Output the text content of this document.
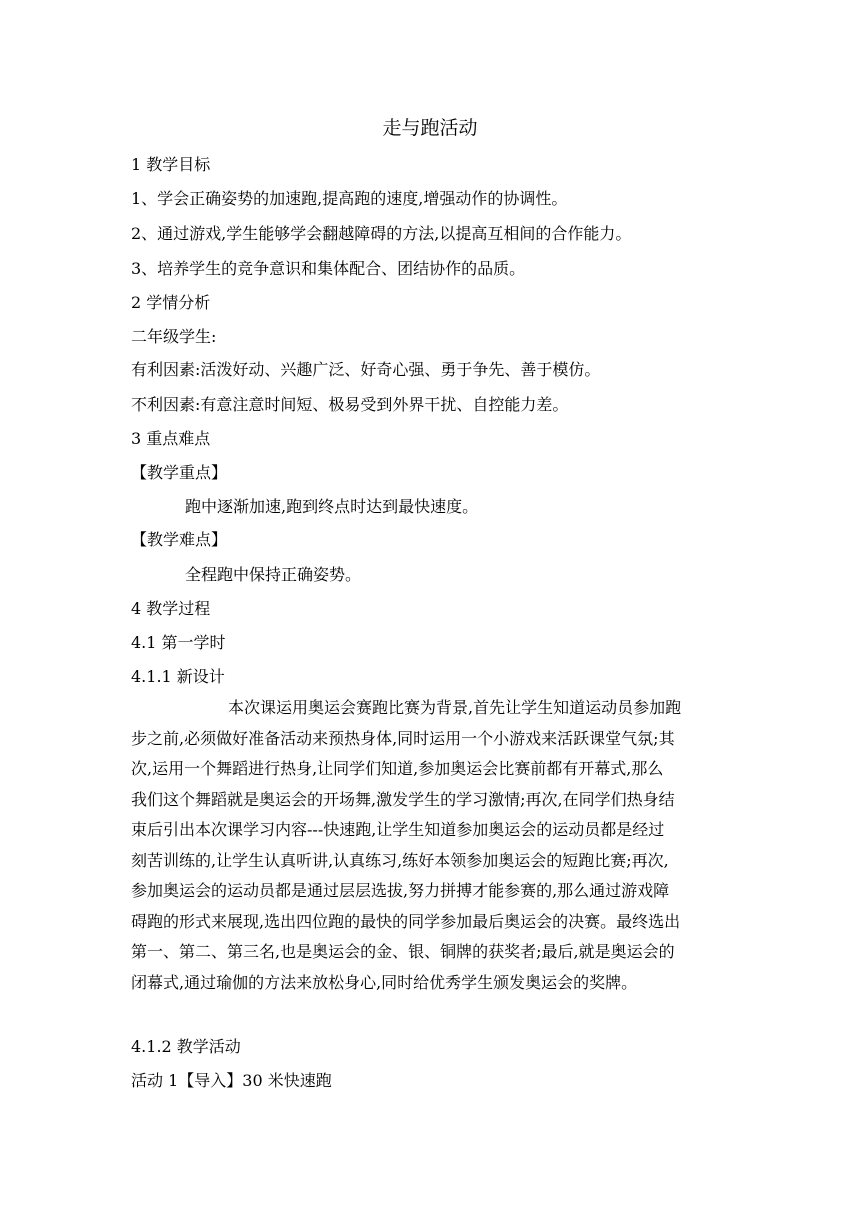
走与跑活动
1 教学目标
1、学会正确姿势的加速跑,提高跑的速度,增强动作的协调性。
2、通过游戏,学生能够学会翻越障碍的方法,以提高互相间的合作能力。
3、培养学生的竞争意识和集体配合、团结协作的品质。
2 学情分析
二年级学生:
有利因素:活泼好动、兴趣广泛、好奇心强、勇于争先、善于模仿。
不利因素:有意注意时间短、极易受到外界干扰、自控能力差。
3 重点难点
【教学重点】
跑中逐渐加速,跑到终点时达到最快速度。
【教学难点】
全程跑中保持正确姿势。
4 教学过程
4.1 第一学时
4.1.1 新设计
本次课运用奥运会赛跑比赛为背景,首先让学生知道运动员参加跑
步之前,必须做好准备活动来预热身体,同时运用一个小游戏来活跃课堂气氛;其
次,运用一个舞蹈进行热身,让同学们知道,参加奥运会比赛前都有开幕式,那么
我们这个舞蹈就是奥运会的开场舞,激发学生的学习激情;再次,在同学们热身结
束后引出本次课学习内容---快速跑,让学生知道参加奥运会的运动员都是经过
刻苦训练的,让学生认真听讲,认真练习,练好本领参加奥运会的短跑比赛;再次,
参加奥运会的运动员都是通过层层选拔,努力拼搏才能参赛的,那么通过游戏障
碍跑的形式来展现,选出四位跑的最快的同学参加最后奥运会的决赛。最终选出
第一、第二、第三名,也是奥运会的金、银、铜牌的获奖者;最后,就是奥运会的
闭幕式,通过瑜伽的方法来放松身心,同时给优秀学生颁发奥运会的奖牌。
4.1.2 教学活动
活动 1【导入】30 米快速跑
